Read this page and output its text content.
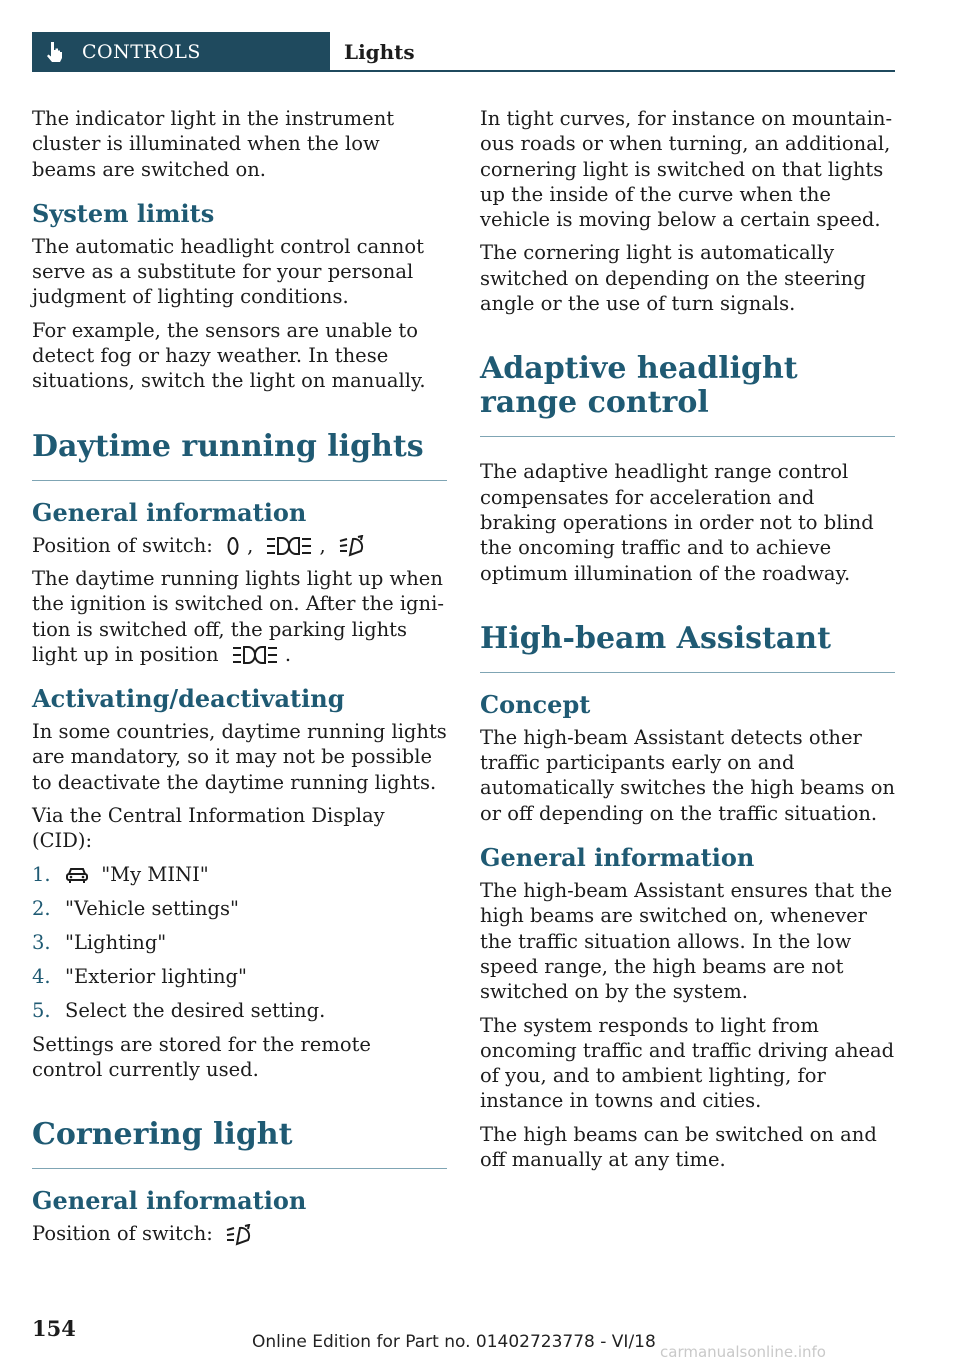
CONTROLS	Lights

The indicator light in the instrument cluster is illuminated when the low beams are switched on.

System limits

The automatic headlight control cannot serve as a substitute for your personal judgment of lighting conditions.

For example, the sensors are unable to detect fog or hazy weather. In these situations, switch the light on manually.

Daytime running lights
General information

Position of switch: ,	,

The daytime running lights light up when the ignition is switched on. After the ignition is switched off, the parking lights light up in position	.

Activating/deactivating

In some countries, daytime running lights are mandatory, so it may not be possible to deactivate the daytime running lights.

Via the Central Information Display (CID):

1.	"My MINI"
2. "Vehicle settings"
3. "Lighting"
4. "Exterior lighting"
5. Select the desired setting.

Settings are stored for the remote control currently used.

Cornering light
General information

Position of switch:

In tight curves, for instance on mountainous roads or when turning, an additional, cornering light is switched on that lights up the inside of the curve when the vehicle is moving below a certain speed.

The cornering light is automatically switched on depending on the steering angle or the use of turn signals.

Adaptive headlight range control

The adaptive headlight range control compensates for acceleration and braking operations in order not to blind the oncoming traffic and to achieve optimum illumination of the roadway.

High-beam Assistant
Concept

The high-beam Assistant detects other traffic participants early on and automatically switches the high beams on or off depending on the traffic situation.

General information

The high-beam Assistant ensures that the high beams are switched on, whenever the traffic situation allows. In the low speed range, the high beams are not switched on by the system.

The system responds to light from oncoming traffic and traffic driving ahead of you, and to ambient lighting, for instance in towns and cities.

The high beams can be switched on and off manually at any time.

154
Online Edition for Part no. 01402723778 - VI/18 carmanualsonline.info
